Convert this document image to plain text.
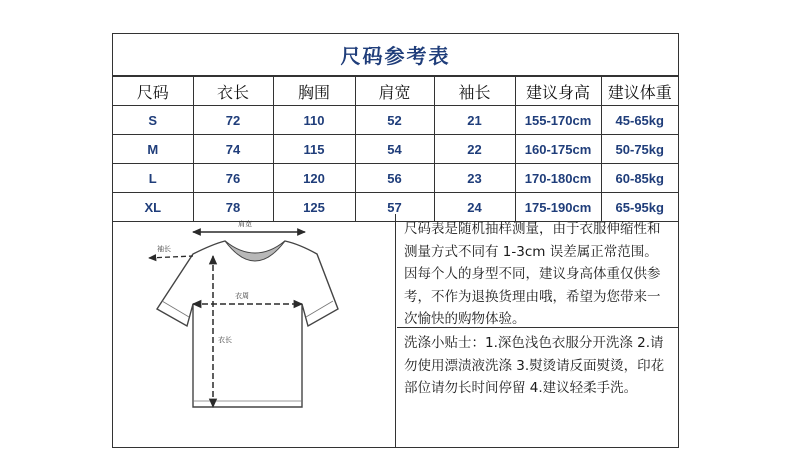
尺码参考表
尺码	衣长	胸围	肩宽	袖长	建议身高	建议体重
S	72	110	52	21	155-170cm	45-65kg
M	74	115	54	22	160-175cm	50-75kg
L	76	120	56	23	170-180cm	60-85kg
XL	78	125	57	24	175-190cm	65-95kg
肩宽
袖长
衣周
衣长
尺码表是随机抽样测量，由于衣服伸缩性和
测量方式不同有 1-3cm 误差属正常范围。
因每个人的身型不同，建议身高体重仅供参
考，不作为退换货理由哦，希望为您带来一
次愉快的购物体验。
洗涤小贴士：1.深色浅色衣服分开洗涤 2.请
勿使用漂渍液洗涤 3.熨烫请反面熨烫，印花
部位请勿长时间停留 4.建议轻柔手洗。
